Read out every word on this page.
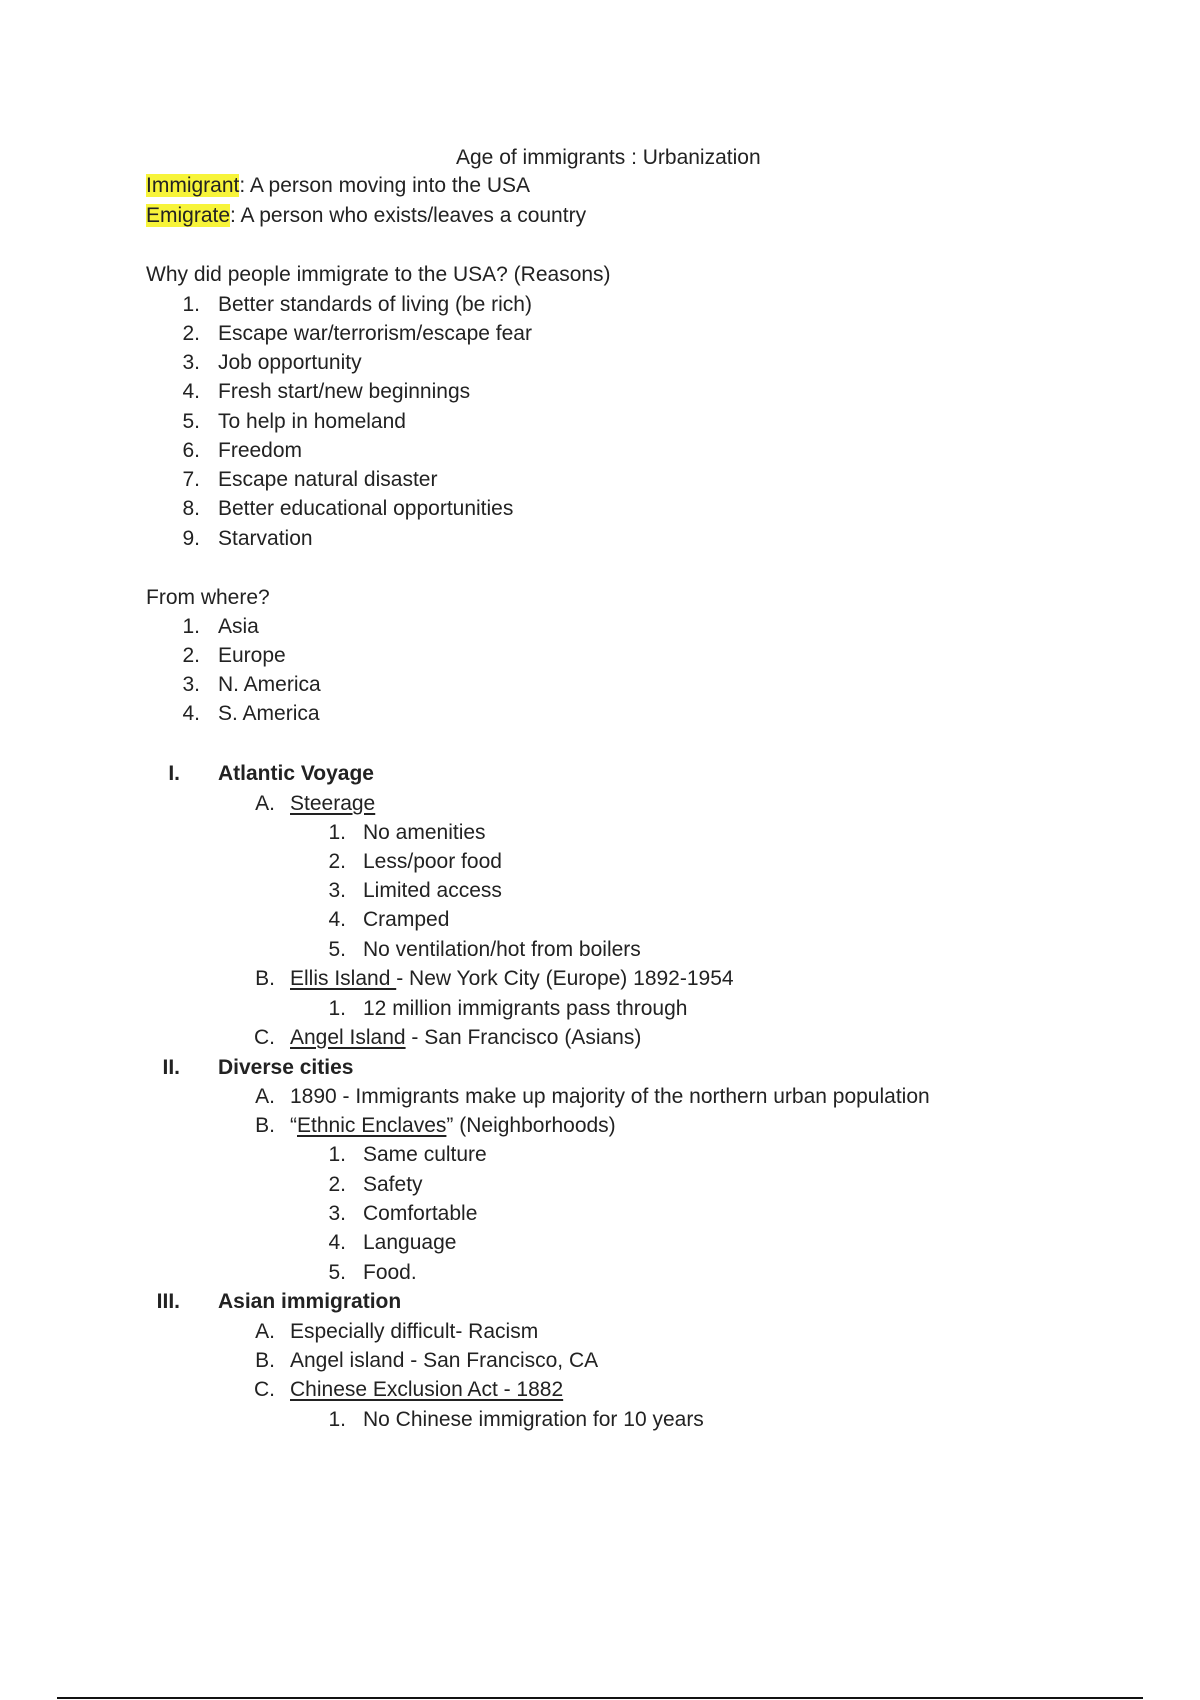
Age of immigrants : Urbanization

Immigrant: A person moving into the USA

Emigrate: A person who exists/leaves a country

Why did people immigrate to the USA? (Reasons)

1. Better standards of living (be rich)

2. Escape war/terrorism/escape fear

3. Job opportunity

4. Fresh start/new beginnings

5. To help in homeland

6. Freedom

7. Escape natural disaster

8. Better educational opportunities

9. Starvation

From where?

1. Asia

2. Europe

3. N. America

4. S. America

I. Atlantic Voyage

A. Steerage

1. No amenities

2. Less/poor food

3. Limited access

4. Cramped

5. No ventilation/hot from boilers

B. Ellis Island - New York City (Europe) 1892-1954

1. 12 million immigrants pass through

C. Angel Island - San Francisco (Asians)

II. Diverse cities

A. 1890 - Immigrants make up majority of the northern urban population

B. “Ethnic Enclaves” (Neighborhoods)

1. Same culture

2. Safety

3. Comfortable

4. Language

5. Food.

III. Asian immigration

A. Especially difficult- Racism

B. Angel island - San Francisco, CA

C. Chinese Exclusion Act - 1882

1. No Chinese immigration for 10 years
